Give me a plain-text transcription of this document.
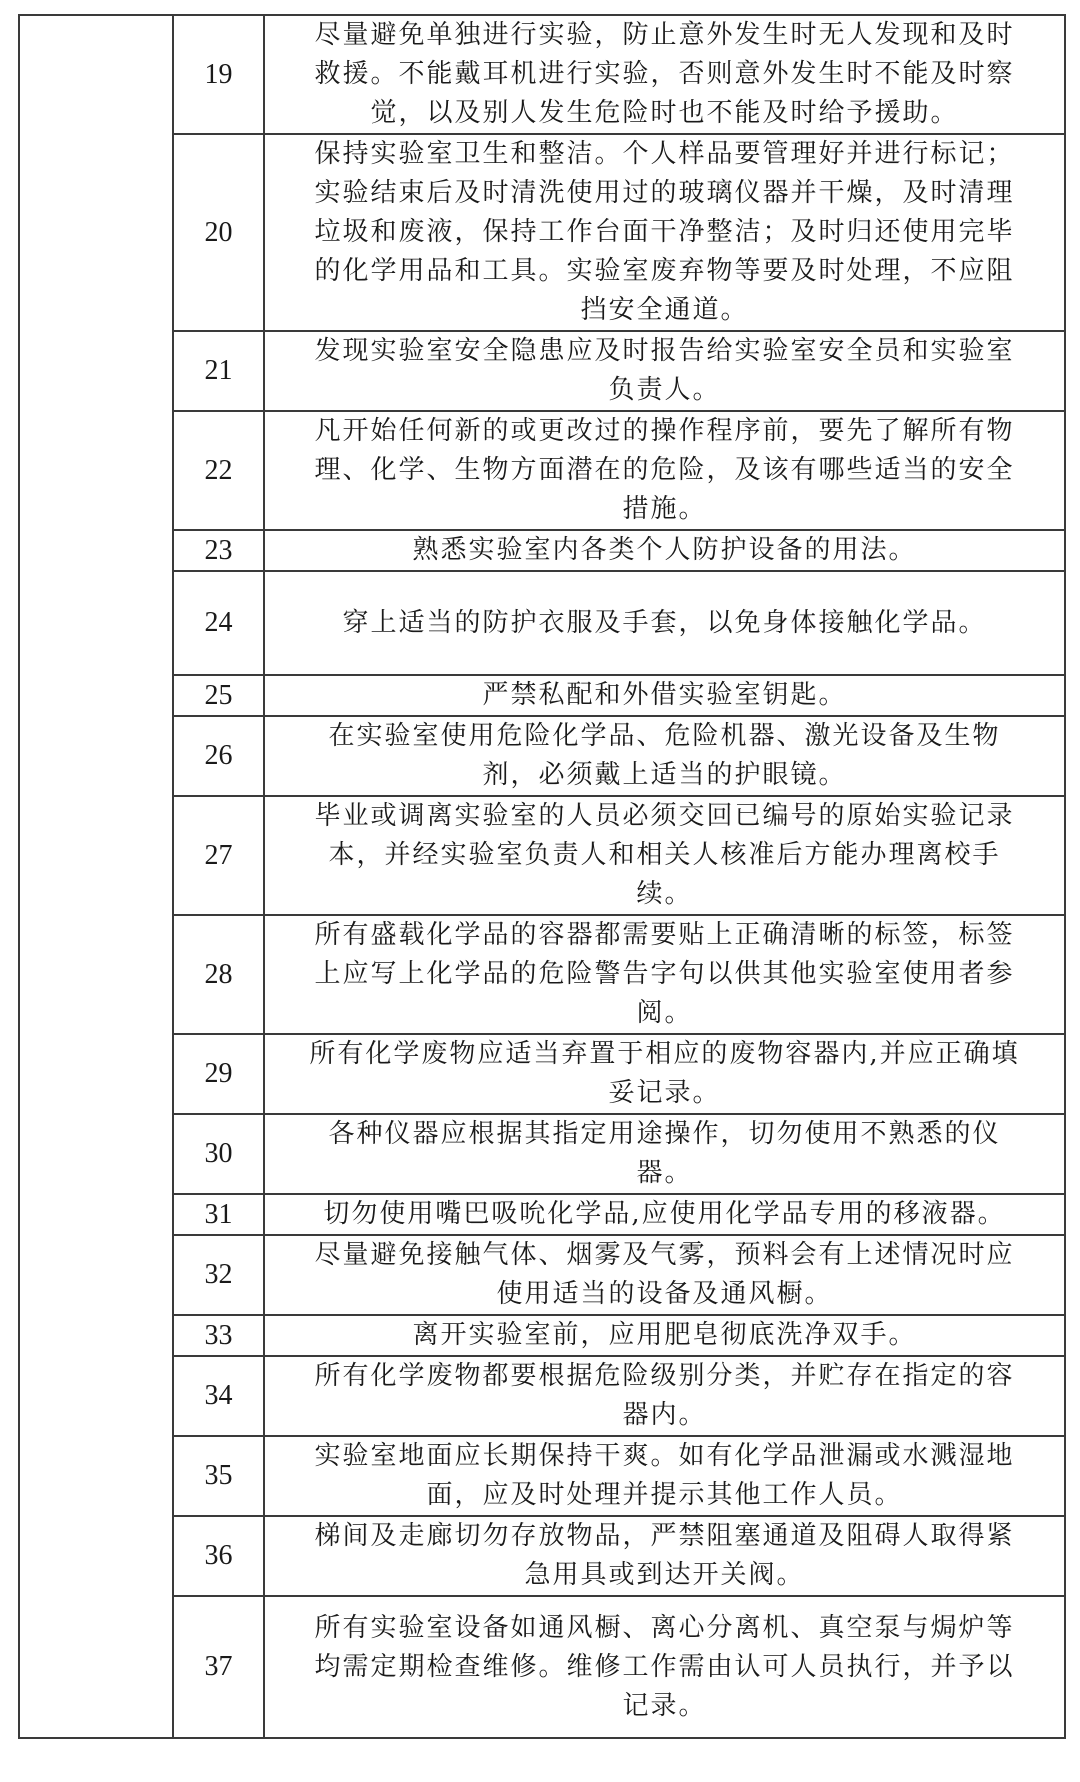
	19	尽量避免单独进行实验，防止意外发生时无人发现和及时
救援。不能戴耳机进行实验，否则意外发生时不能及时察
觉，以及别人发生危险时也不能及时给予援助。

	20	保持实验室卫生和整洁。个人样品要管理好并进行标记；
实验结束后及时清洗使用过的玻璃仪器并干燥，及时清理
垃圾和废液，保持工作台面干净整洁；及时归还使用完毕
的化学用品和工具。实验室废弃物等要及时处理，不应阻
挡安全通道。

	21	发现实验室安全隐患应及时报告给实验室安全员和实验室
负责人。

	22	凡开始任何新的或更改过的操作程序前，要先了解所有物
理、化学、生物方面潜在的危险，及该有哪些适当的安全
措施。

	23	熟悉实验室内各类个人防护设备的用法。

	24	穿上适当的防护衣服及手套，以免身体接触化学品。

	25	严禁私配和外借实验室钥匙。

	26	在实验室使用危险化学品、危险机器、激光设备及生物
剂，必须戴上适当的护眼镜。

	27	毕业或调离实验室的人员必须交回已编号的原始实验记录
本，并经实验室负责人和相关人核准后方能办理离校手
续。

	28	所有盛载化学品的容器都需要贴上正确清晰的标签，标签
上应写上化学品的危险警告字句以供其他实验室使用者参
阅。

	29	所有化学废物应适当弃置于相应的废物容器内,并应正确填
妥记录。

	30	各种仪器应根据其指定用途操作，切勿使用不熟悉的仪
器。

	31	切勿使用嘴巴吸吮化学品,应使用化学品专用的移液器。

	32	尽量避免接触气体、烟雾及气雾，预料会有上述情况时应
使用适当的设备及通风橱。

	33	离开实验室前，应用肥皂彻底洗净双手。

	34	所有化学废物都要根据危险级别分类，并贮存在指定的容
器内。

	35	实验室地面应长期保持干爽。如有化学品泄漏或水溅湿地
面，应及时处理并提示其他工作人员。

	36	梯间及走廊切勿存放物品，严禁阻塞通道及阻碍人取得紧
急用具或到达开关阀。

	37	所有实验室设备如通风橱、离心分离机、真空泵与焗炉等
均需定期检查维修。维修工作需由认可人员执行，并予以
记录。
